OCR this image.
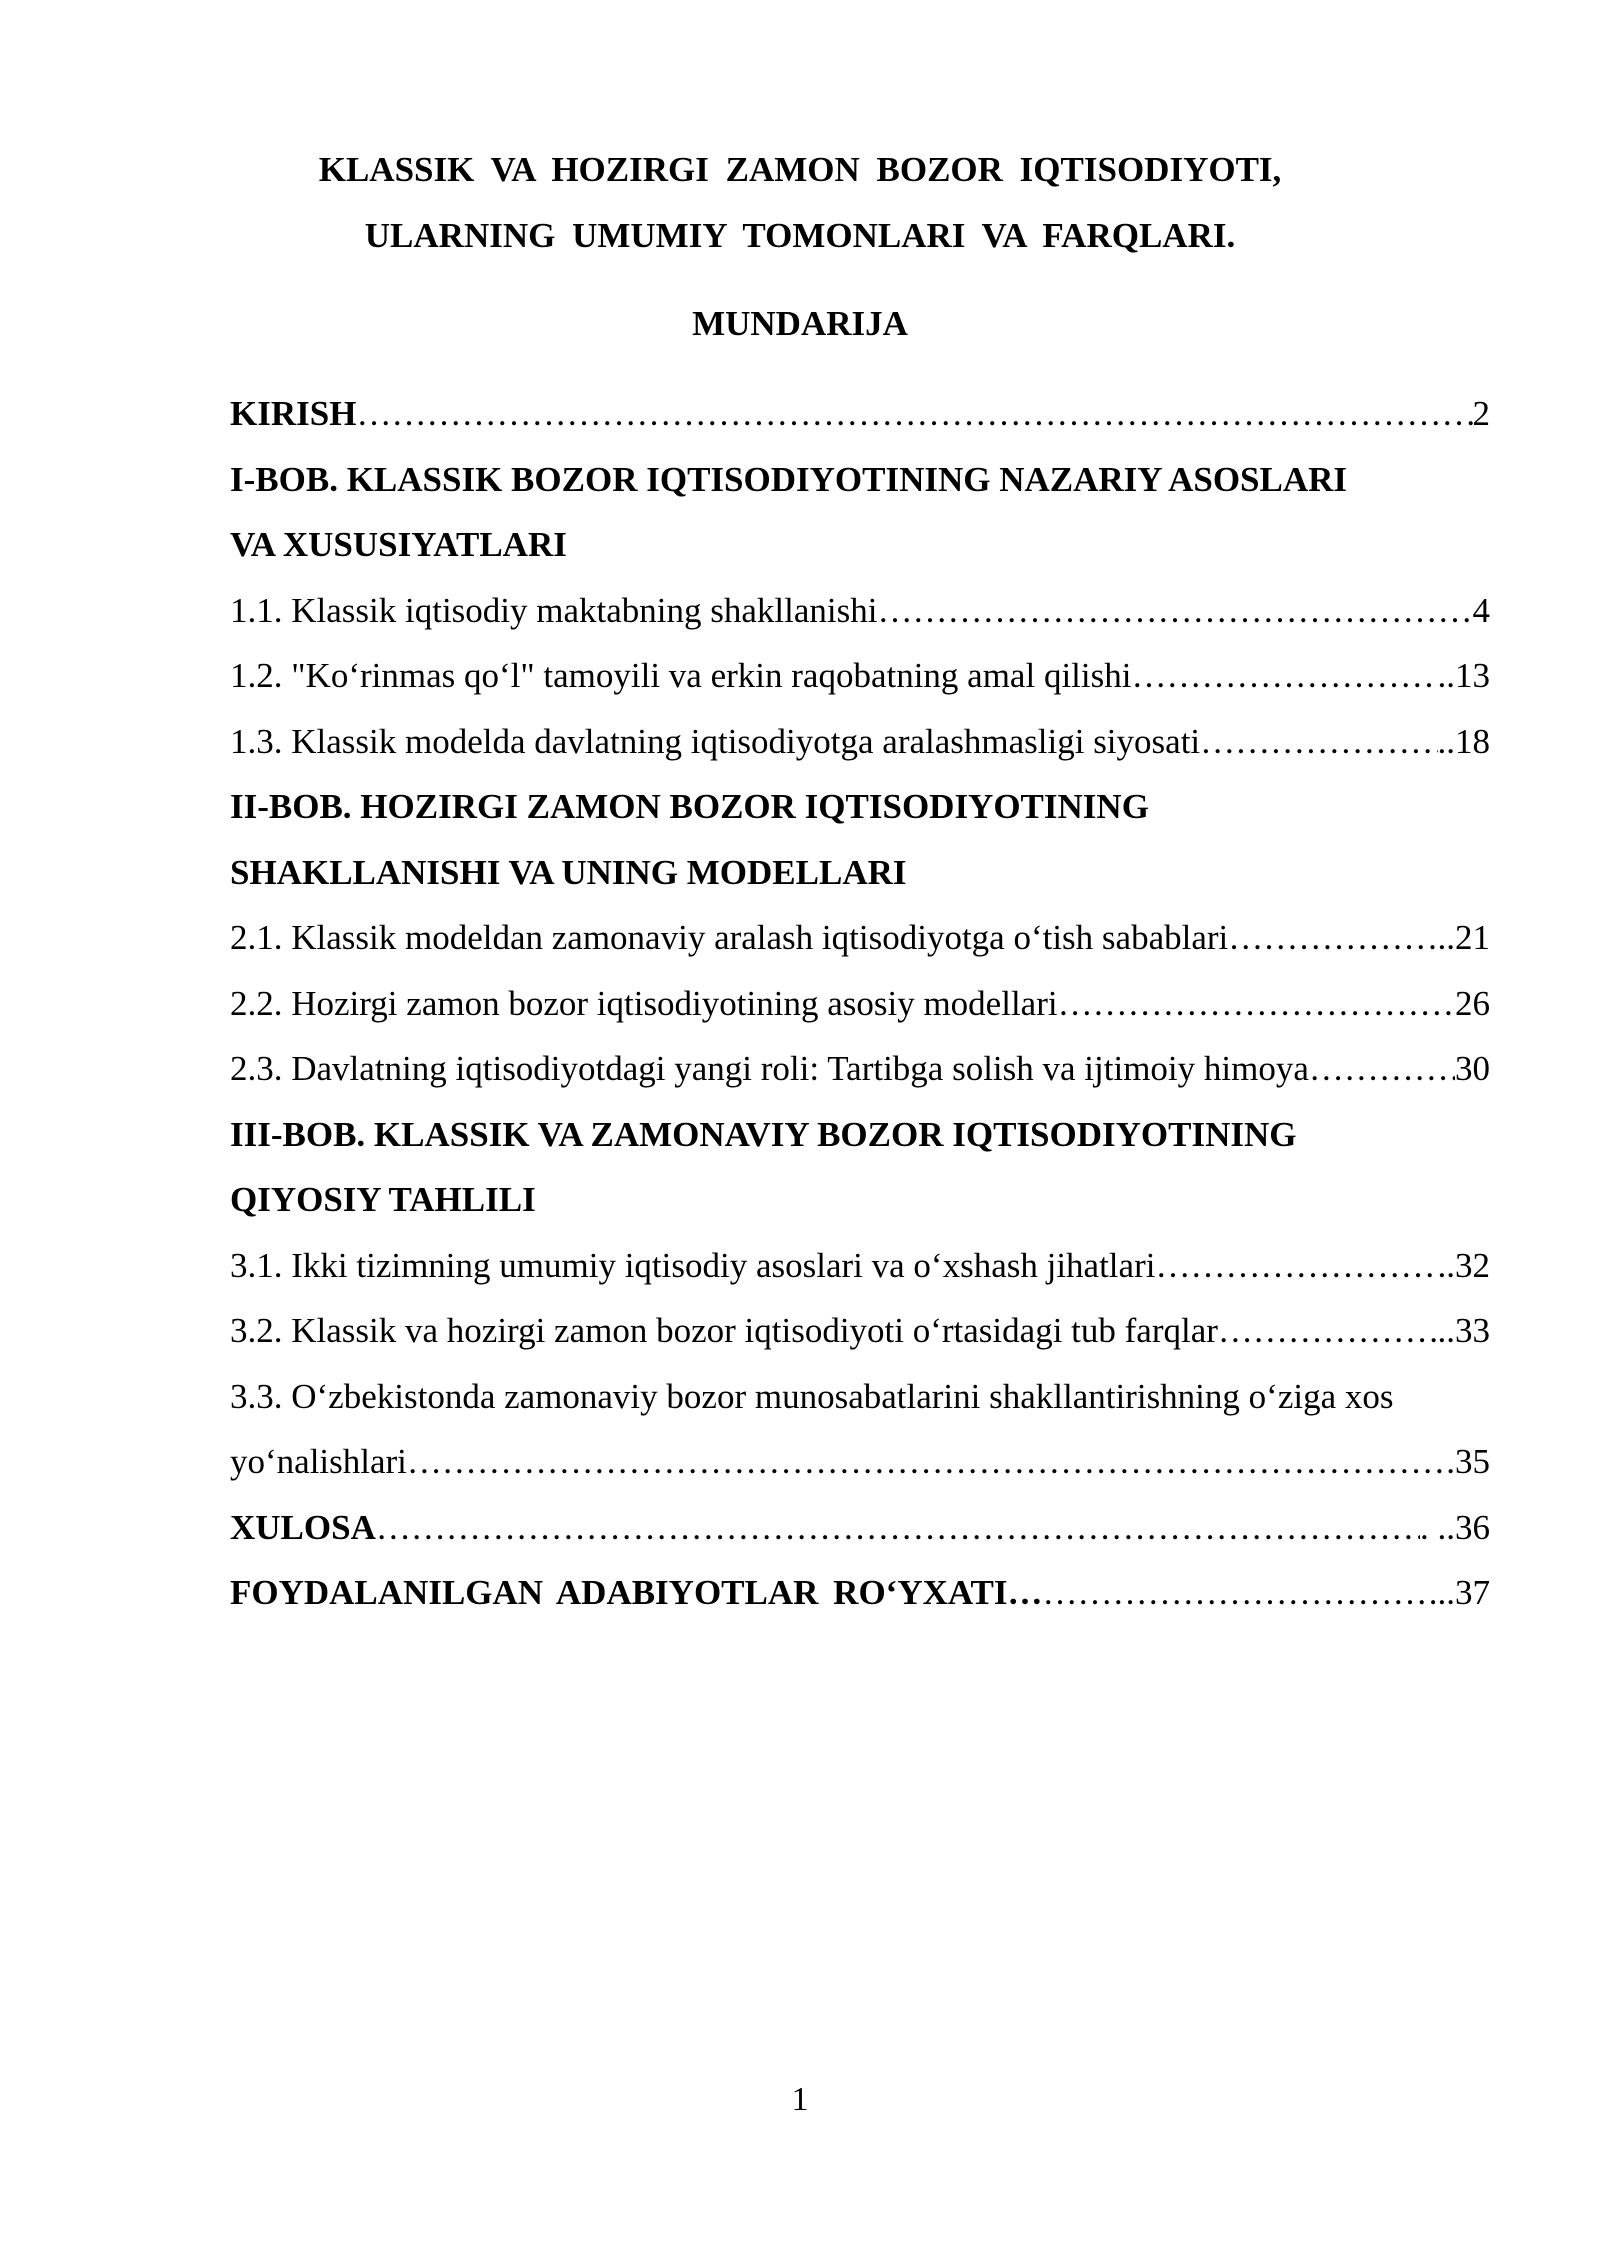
KLASSIK VA HOZIRGI ZAMON BOZOR IQTISODIYOTI,
ULARNING UMUMIY TOMONLARI VA FARQLARI.
MUNDARIJA
KIRISH ……………………………………………………………………………………………………………………………………………………………………	2
I-BOB. KLASSIK BOZOR IQTISODIYOTINING NAZARIY ASOSLARI
VA XUSUSIYATLARI
1.1. Klassik iqtisodiy maktabning shakllanishi ……………………………………………………………………………………………………………………………………………………………………	4
1.2. "Ko‘rinmas qo‘l" tamoyili va erkin raqobatning amal qilishi ……………………………………………………………………………………………………………………………………………………………………	..13
1.3. Klassik modelda davlatning iqtisodiyotga aralashmasligi siyosati ……………………………………………………………………………………………………………………………………………………………………	..18
II-BOB. HOZIRGI ZAMON BOZOR IQTISODIYOTINING
SHAKLLANISHI VA UNING MODELLARI
2.1. Klassik modeldan zamonaviy aralash iqtisodiyotga o‘tish sabablari ……………………………………………………………………………………………………………………………………………………………………	..21
2.2. Hozirgi zamon bozor iqtisodiyotining asosiy modellari ……………………………………………………………………………………………………………………………………………………………………	26
2.3. Davlatning iqtisodiyotdagi yangi roli: Tartibga solish va ijtimoiy himoya ……………………………………………………………………………………………………………………………………………………………………	30
III-BOB. KLASSIK VA ZAMONAVIY BOZOR IQTISODIYOTINING
QIYOSIY TAHLILI
3.1. Ikki tizimning umumiy iqtisodiy asoslari va o‘xshash jihatlari ……………………………………………………………………………………………………………………………………………………………………	..32
3.2. Klassik va hozirgi zamon bozor iqtisodiyoti o‘rtasidagi tub farqlar ……………………………………………………………………………………………………………………………………………………………………	..33
3.3. O‘zbekistonda zamonaviy bozor munosabatlarini shakllantirishning o‘ziga xos
yo‘nalishlari ……………………………………………………………………………………………………………………………………………………………………	.35
XULOSA ……………………………………………………………………………………………………………………………………………………………………	. ..36
FOYDALANILGAN ADABIYOTLAR RO‘YXATI… ……………………………………………………………………………………………………………………………………………………………………	...37
1
